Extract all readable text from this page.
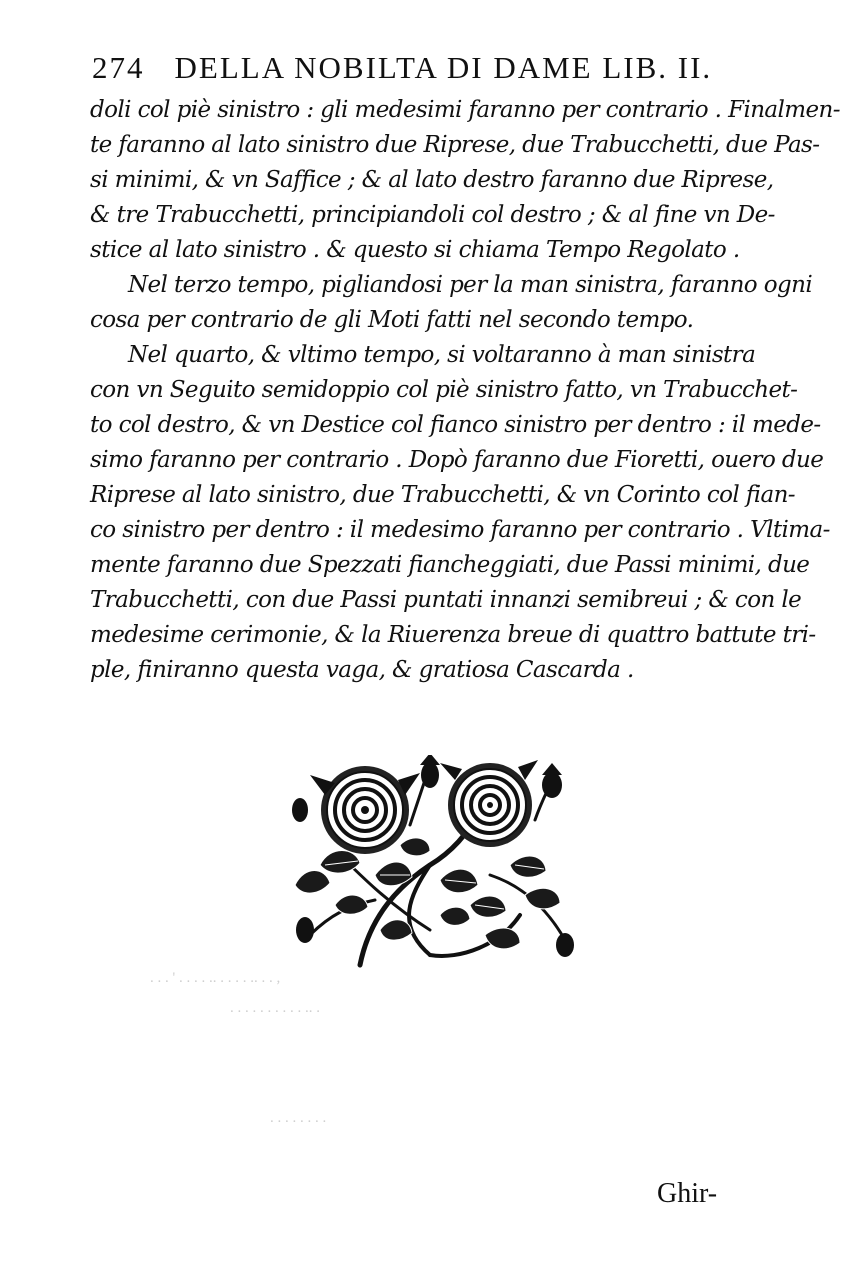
274 DELLA NOBILTA DI DAME LIB. II.
doli col piè sinistro : gli medesimi faranno per contrario . Finalmen-
te faranno al lato sinistro due Riprese, due Trabucchetti, due Pas-
si minimi, & vn Saffice ; & al lato destro faranno due Riprese,
& tre Trabucchetti, principiandoli col destro ; & al fine vn De-
stice al lato sinistro . & questo si chiama Tempo Regolato .
Nel terzo tempo, pigliandosi per la man sinistra, faranno ogni
cosa per contrario de gli Moti fatti nel secondo tempo.
Nel quarto, & vltimo tempo, si voltaranno à man sinistra
con vn Seguito semidoppio col piè sinistro fatto, vn Trabucchet-
to col destro, & vn Destice col fianco sinistro per dentro : il mede-
simo faranno per contrario . Dopò faranno due Fioretti, ouero due
Riprese al lato sinistro, due Trabucchetti, & vn Corinto col fian-
co sinistro per dentro : il medesimo faranno per contrario . Vltima-
mente faranno due Spezzati fiancheggiati, due Passi minimi, due
Trabucchetti, con due Passi puntati innanzi semibreui ; & con le
medesime cerimonie, & la Riuerenza breue di quattro battute tri-
ple, finiranno questa vaga, & gratiosa Cascarda .
. . . ' . . . . .. . . . . .. . . ,
. . . . . . . . . . .. .
. . . . . . . .
Ghir-
